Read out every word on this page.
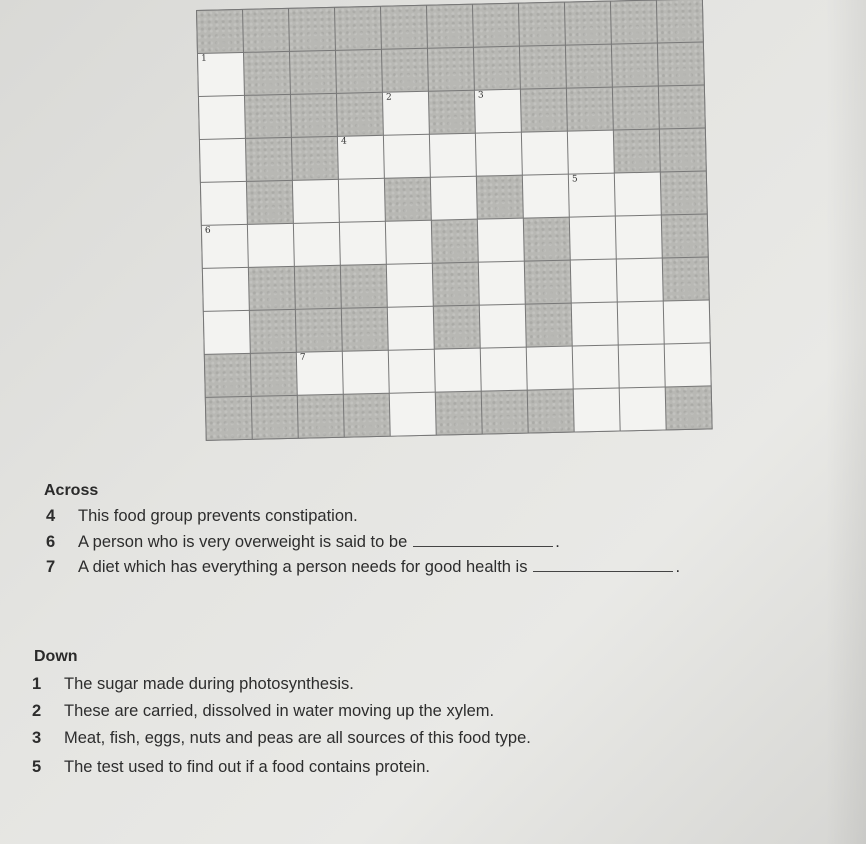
1
2	3
4
5
6
7
Across
4 This food group prevents constipation.
6 A person who is very overweight is said to be	.
7 A diet which has everything a person needs for good health is	.
Down
1 The sugar made during photosynthesis.
2 These are carried, dissolved in water moving up the xylem.
3 Meat, fish, eggs, nuts and peas are all sources of this food type.
5 The test used to find out if a food contains protein.
